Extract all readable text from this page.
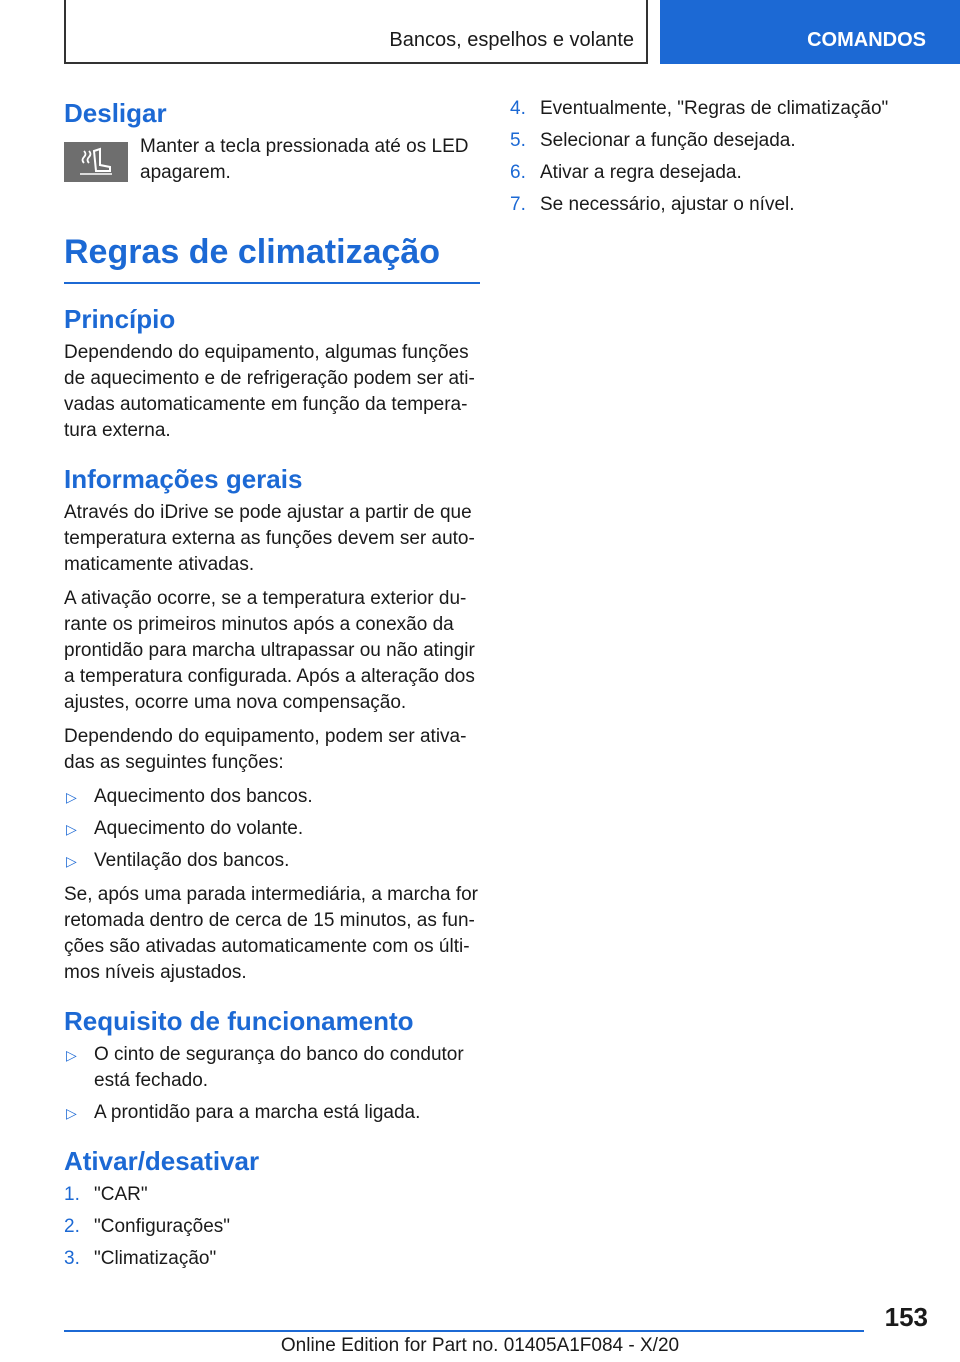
Bancos, espelhos e volante	COMANDOS
Desligar
Manter a tecla pressionada até os LED apagarem.
Regras de climatização
Princípio

Dependendo do equipamento, algumas funções de aquecimento e de refrigeração podem ser ati-vadas automaticamente em função da tempera-tura externa.

Informações gerais

Através do iDrive se pode ajustar a partir de que temperatura externa as funções devem ser auto-maticamente ativadas.

A ativação ocorre, se a temperatura exterior du-rante os primeiros minutos após a conexão da prontidão para marcha ultrapassar ou não atingir a temperatura configurada. Após a alteração dos ajustes, ocorre uma nova compensação.

Dependendo do equipamento, podem ser ativa-das as seguintes funções:

▷ Aquecimento dos bancos.
▷ Aquecimento do volante.
▷ Ventilação dos bancos.

Se, após uma parada intermediária, a marcha for retomada dentro de cerca de 15 minutos, as fun-ções são ativadas automaticamente com os últi-mos níveis ajustados.

Requisito de funcionamento
▷ O cinto de segurança do banco do condutor está fechado.
▷ A prontidão para a marcha está ligada.
Ativar/desativar
1. "CAR"
2. "Configurações"
3. "Climatização"
4. Eventualmente, "Regras de climatização"
5. Selecionar a função desejada.
6. Ativar a regra desejada.
7. Se necessário, ajustar o nível.
153
Online Edition for Part no. 01405A1F084 - X/20
